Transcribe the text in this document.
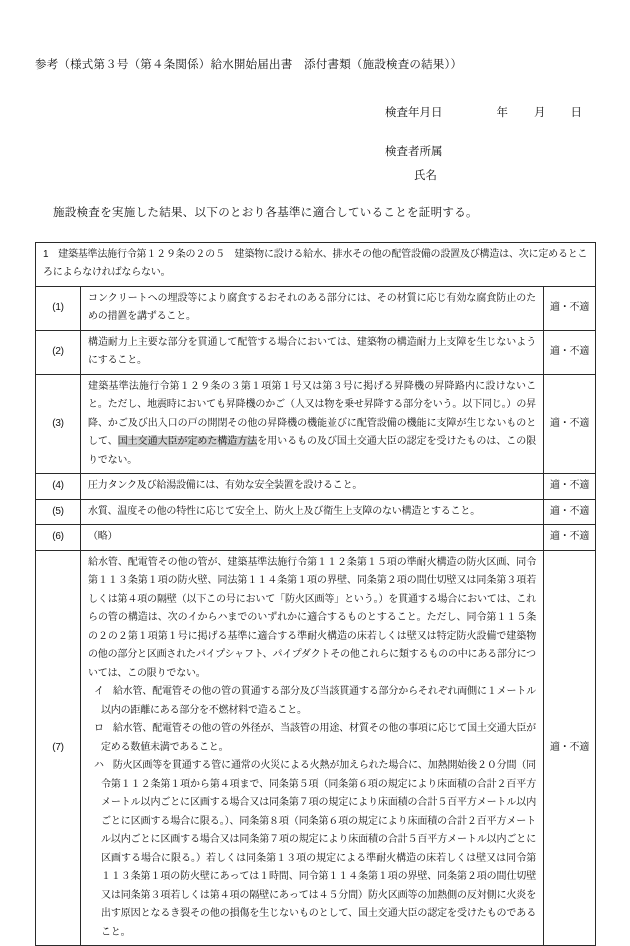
参考（様式第３号（第４条関係）給水開始届出書　添付書類（施設検査の結果））
検査年月日	年 月 日
検査者所属
氏名
施設検査を実施した結果、以下のとおり各基準に適合していることを証明する。
1　建築基準法施行令第１２９条の２の５　建築物に設ける給水、排水その他の配管設備の設置及び構造は、次に定めるところによらなければならない。		
(1)	コンクリートへの埋設等により腐食するおそれのある部分には、その材質に応じ有効な腐食防止のための措置を講ずること。	適・不適
(2)	構造耐力上主要な部分を貫通して配管する場合においては、建築物の構造耐力上支障を生じないようにすること。	適・不適
(3)	建築基準法施行令第１２９条の３第１項第１号又は第３号に掲げる昇降機の昇降路内に設けないこと。ただし、地震時においても昇降機のかご（人又は物を乗せ昇降する部分をいう。以下同じ。）の昇降、かご及び出入口の戸の開閉その他の昇降機の機能並びに配管設備の機能に支障が生じないものとして、国土交通大臣が定めた構造方法を用いるもの及び国土交通大臣の認定を受けたものは、この限りでない。	適・不適
(4)	圧力タンク及び給湯設備には、有効な安全装置を設けること。	適・不適
(5)	水質、温度その他の特性に応じて安全上、防火上及び衛生上支障のない構造とすること。	適・不適
(6)	（略）	適・不適
(7)	給水管、配電管その他の管が、建築基準法施行令第１１２条第１５項の準耐火構造の防火区画、同令第１１３条第１項の防火壁、同法第１１４条第１項の界壁、同条第２項の間仕切壁又は同条第３項若しくは第４項の隔壁（以下この号において「防火区画等」という。）を貫通する場合においては、これらの管の構造は、次のイからハまでのいずれかに適合するものとすること。ただし、同令第１１５条の２の２第１項第１号に掲げる基準に適合する準耐火構造の床若しくは壁又は特定防火設備で建築物の他の部分と区画されたパイプシャフト、パイプダクトその他これらに類するものの中にある部分については、この限りでない。
イ 給水管、配電管その他の管の貫通する部分及び当該貫通する部分からそれぞれ両側に１メートル以内の距離にある部分を不燃材料で造ること。
ロ 給水管、配電管その他の管の外径が、当該管の用途、材質その他の事項に応じて国土交通大臣が定める数値未満であること。
ハ 防火区画等を貫通する管に通常の火災による火熱が加えられた場合に、加熱開始後２０分間（同令第１１２条第１項から第４項まで、同条第５項（同条第６項の規定により床面積の合計２百平方メートル以内ごとに区画する場合又は同条第７項の規定により床面積の合計５百平方メートル以内ごとに区画する場合に限る。）、同条第８項（同条第６項の規定により床面積の合計２百平方メートル以内ごとに区画する場合又は同条第７項の規定により床面積の合計５百平方メートル以内ごとに区画する場合に限る。）若しくは同条第１３項の規定による準耐火構造の床若しくは壁又は同令第１１３条第１項の防火壁にあっては１時間、同令第１１４条第１項の界壁、同条第２項の間仕切壁又は同条第３項若しくは第４項の隔壁にあっては４５分間）防火区画等の加熱側の反対側に火炎を出す原因となるき裂その他の損傷を生じないものとして、国土交通大臣の認定を受けたものであること。	適・不適
